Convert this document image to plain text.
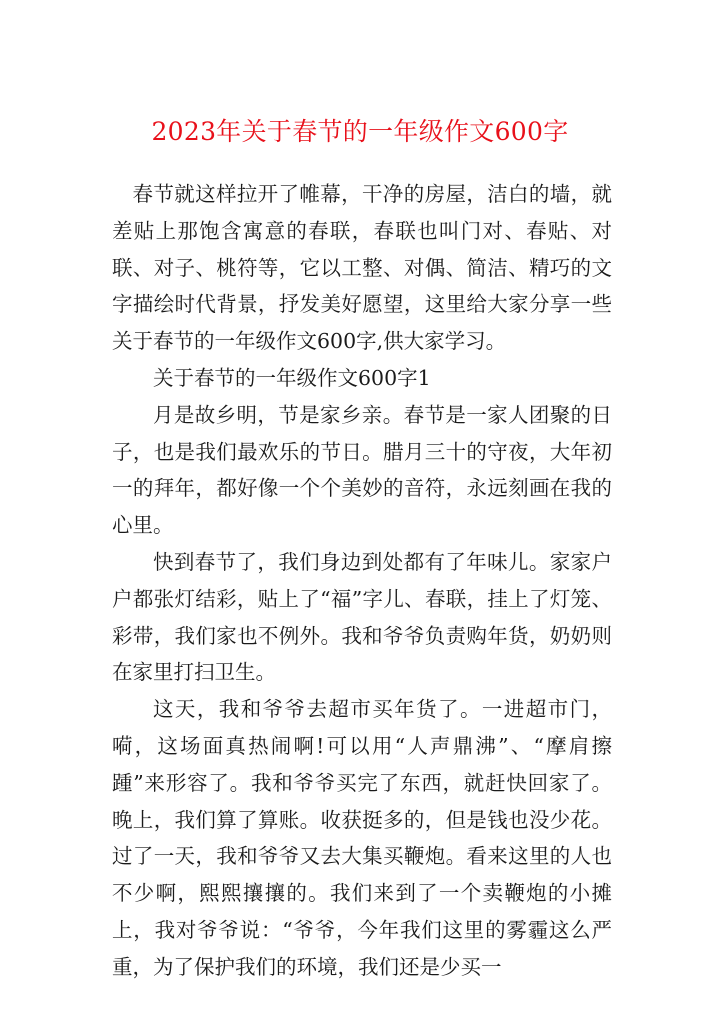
2023年关于春节的一年级作文600字

春节就这样拉开了帷幕，干净的房屋，洁白的墙，就差贴上那饱含寓意的春联，春联也叫门对、春贴、对联、对子、桃符等，它以工整、对偶、简洁、精巧的文字描绘时代背景，抒发美好愿望，这里给大家分享一些关于春节的一年级作文600字,供大家学习。

关于春节的一年级作文600字1

月是故乡明，节是家乡亲。春节是一家人团聚的日子，也是我们最欢乐的节日。腊月三十的守夜，大年初一的拜年，都好像一个个美妙的音符，永远刻画在我的心里。

快到春节了，我们身边到处都有了年味儿。家家户户都张灯结彩，贴上了“福”字儿、春联，挂上了灯笼、彩带，我们家也不例外。我和爷爷负责购年货，奶奶则在家里打扫卫生。

这天，我和爷爷去超市买年货了。一进超市门，嗬，这场面真热闹啊!可以用“人声鼎沸”、“摩肩擦踵”来形容了。我和爷爷买完了东西，就赶快回家了。晚上，我们算了算账。收获挺多的，但是钱也没少花。过了一天，我和爷爷又去大集买鞭炮。看来这里的人也不少啊，熙熙攘攘的。我们来到了一个卖鞭炮的小摊上，我对爷爷说：“爷爷，今年我们这里的雾霾这么严重，为了保护我们的环境，我们还是少买一
